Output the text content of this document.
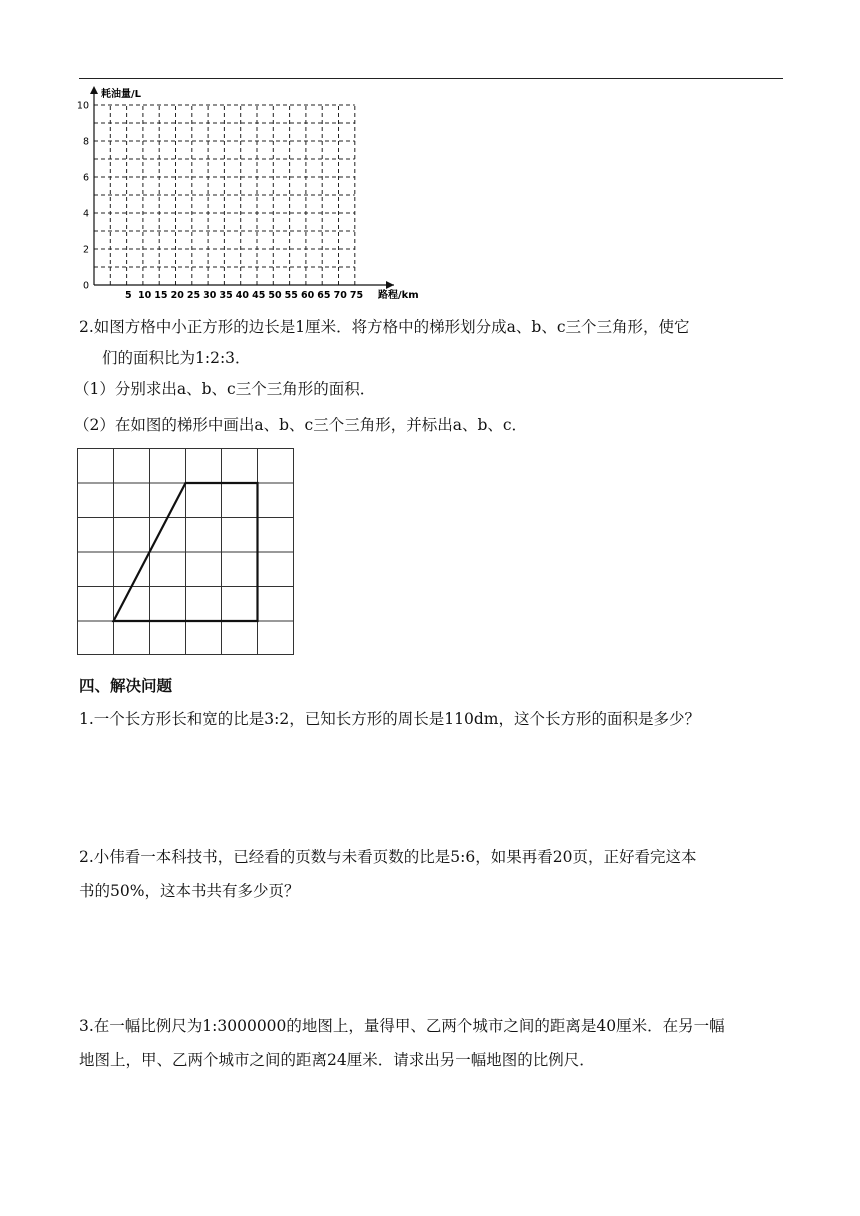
耗油量/L
路程/km
0
2
4
6
8
10
5 10 15 20 25 30 35 40 45 50 55 60 65 70 75
2.如图方格中小正方形的边长是1厘米．将方格中的梯形划分成a、b、c三个三角形，使它
们的面积比为1:2:3．
（1）分别求出a、b、c三个三角形的面积．
（2）在如图的梯形中画出a、b、c三个三角形，并标出a、b、c．
四、解决问题
1.一个长方形长和宽的比是3:2，已知长方形的周长是110dm，这个长方形的面积是多少？
2.小伟看一本科技书，已经看的页数与未看页数的比是5:6，如果再看20页，正好看完这本
书的50%，这本书共有多少页？
3.在一幅比例尺为1:3000000的地图上，量得甲、乙两个城市之间的距离是40厘米．在另一幅
地图上，甲、乙两个城市之间的距离24厘米．请求出另一幅地图的比例尺．
